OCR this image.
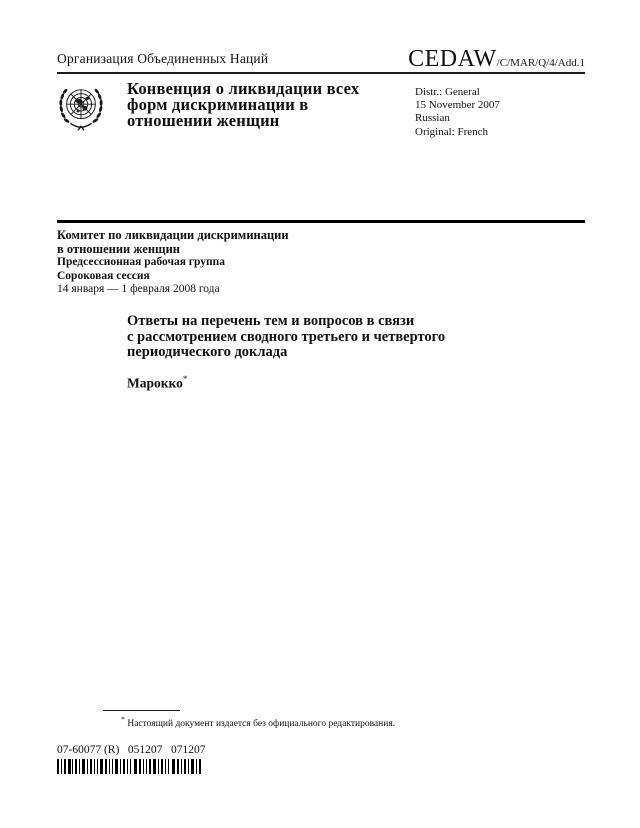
Организация Объединенных Наций	CEDAW/C/MAR/Q/4/Add.1
Конвенция о ликвидации всех
форм дискриминации в
отношении женщин
Distr.: General
15 November 2007
Russian
Original: French
Комитет по ликвидации дискриминации
в отношении женщин
Предсессионная рабочая группа
Сороковая сессия
14 января — 1 февраля 2008 года
Ответы на перечень тем и вопросов в связи
с рассмотрением сводного третьего и четвертого
периодического доклада
Марокко*
* Настоящий документ издается без официального редактирования.
07-60077 (R)   051207   071207
